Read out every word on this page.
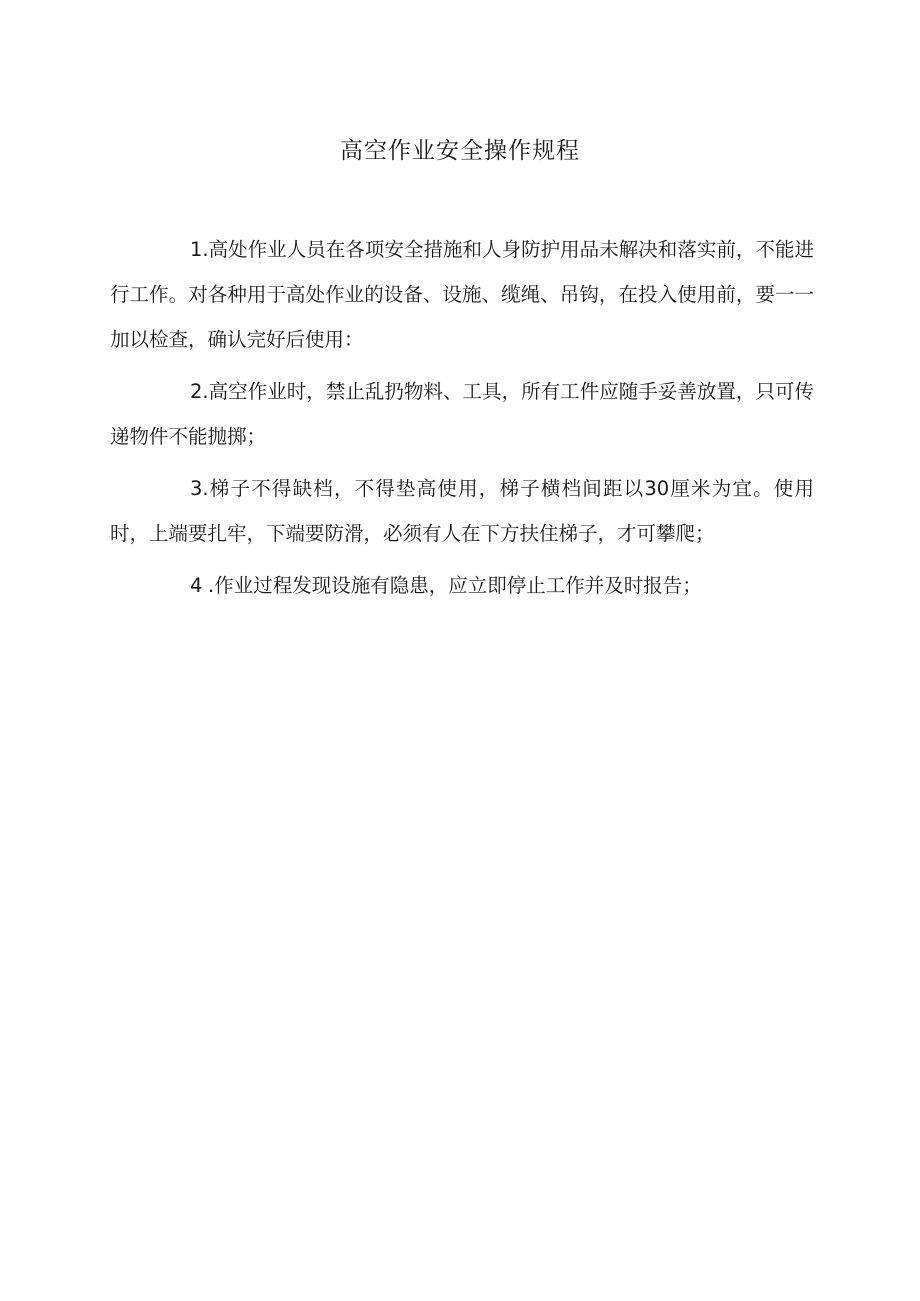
高空作业安全操作规程

1.高处作业人员在各项安全措施和人身防护用品未解决和落实前，不能进行工作。对各种用于高处作业的设备、设施、缆绳、吊钩，在投入使用前，要一一加以检查，确认完好后使用：

2.高空作业时，禁止乱扔物料、工具，所有工件应随手妥善放置，只可传递物件不能抛掷；

3.梯子不得缺档，不得垫高使用，梯子横档间距以30厘米为宜。使用时，上端要扎牢，下端要防滑，必须有人在下方扶住梯子，才可攀爬；

4 .作业过程发现设施有隐患，应立即停止工作并及时报告；
